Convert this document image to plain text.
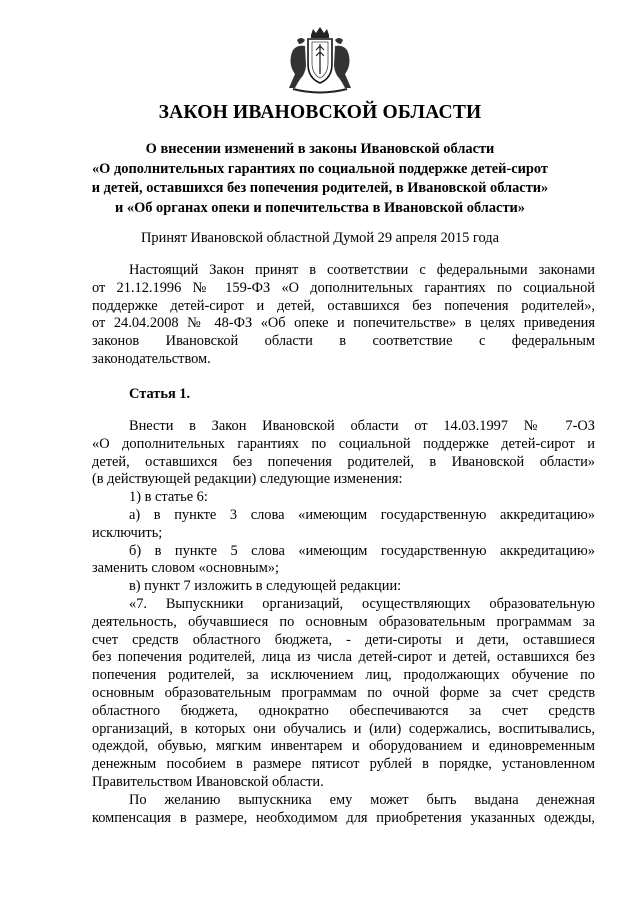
ЗАКОН ИВАНОВСКОЙ ОБЛАСТИ
О внесении изменений в законы Ивановской области
«О дополнительных гарантиях по социальной поддержке детей-сирот
и детей, оставшихся без попечения родителей, в Ивановской области»
и «Об органах опеки и попечительства в Ивановской области»
Принят Ивановской областной Думой 29 апреля 2015 года
Настоящий Закон принят в соответствии с федеральными законами
от 21.12.1996 № 159-ФЗ «О дополнительных гарантиях по социальной
поддержке детей-сирот и детей, оставшихся без попечения родителей»,
от 24.04.2008 № 48-ФЗ «Об опеке и попечительстве» в целях приведения
законов Ивановской области в соответствие с федеральным
законодательством.
Статья 1.
Внести в Закон Ивановской области от 14.03.1997 № 7-ОЗ
«О дополнительных гарантиях по социальной поддержке детей-сирот и
детей, оставшихся без попечения родителей, в Ивановской области»
(в действующей редакции) следующие изменения:
1) в статье 6:
а) в пункте 3 слова «имеющим государственную аккредитацию»
исключить;
б) в пункте 5 слова «имеющим государственную аккредитацию»
заменить словом «основным»;
в) пункт 7 изложить в следующей редакции:
«7. Выпускники организаций, осуществляющих образовательную
деятельность, обучавшиеся по основным образовательным программам за
счет средств областного бюджета, - дети-сироты и дети, оставшиеся
без попечения родителей, лица из числа детей-сирот и детей, оставшихся без
попечения родителей, за исключением лиц, продолжающих обучение по
основным образовательным программам по очной форме за счет средств
областного бюджета, однократно обеспечиваются за счет средств
организаций, в которых они обучались и (или) содержались, воспитывались,
одеждой, обувью, мягким инвентарем и оборудованием и единовременным
денежным пособием в размере пятисот рублей в порядке, установленном
Правительством Ивановской области.
По желанию выпускника ему может быть выдана денежная
компенсация в размере, необходимом для приобретения указанных одежды,
